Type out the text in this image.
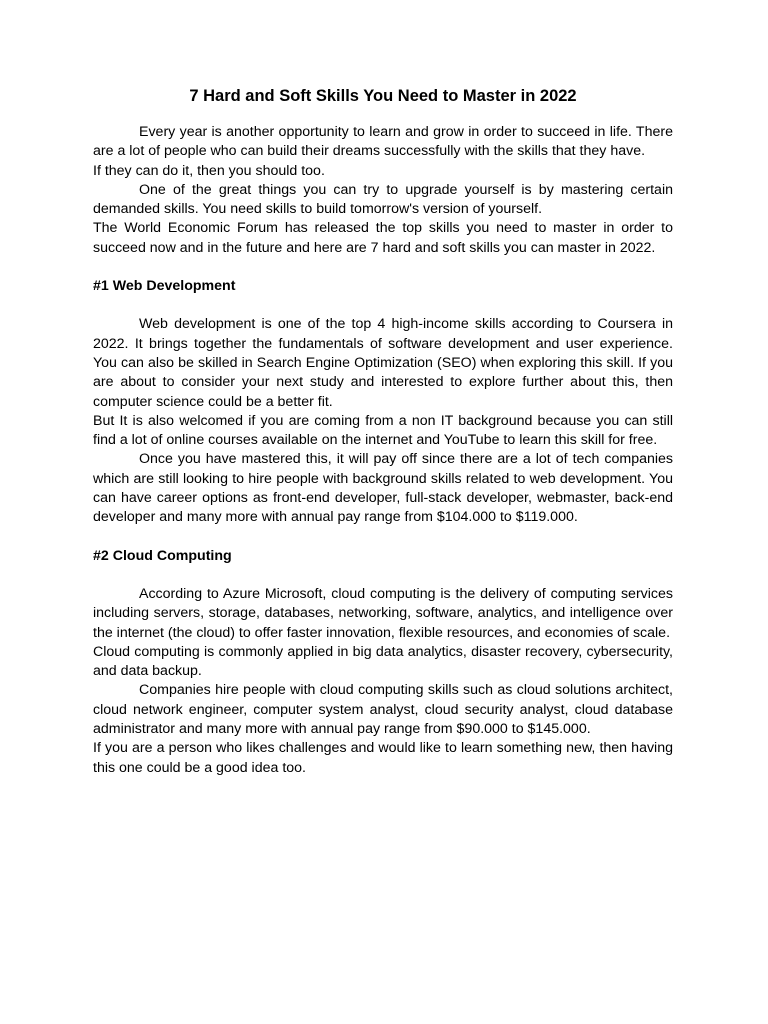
7 Hard and Soft Skills You Need to Master in 2022

Every year is another opportunity to learn and grow in order to succeed in life. There are a lot of people who can build their dreams successfully with the skills that they have.

If they can do it, then you should too.

One of the great things you can try to upgrade yourself is by mastering certain demanded skills. You need skills to build tomorrow's version of yourself.

The World Economic Forum has released the top skills you need to master in order to succeed now and in the future and here are 7 hard and soft skills you can master in 2022.

#1 Web Development

Web development is one of the top 4 high-income skills according to Coursera in 2022. It brings together the fundamentals of software development and user experience. You can also be skilled in Search Engine Optimization (SEO) when exploring this skill. If you are about to consider your next study and interested to explore further about this, then computer science could be a better fit.

But It is also welcomed if you are coming from a non IT background because you can still find a lot of online courses available on the internet and YouTube to learn this skill for free.

Once you have mastered this, it will pay off since there are a lot of tech companies which are still looking to hire people with background skills related to web development. You can have career options as front-end developer, full-stack developer, webmaster, back-end developer and many more with annual pay range from $104.000 to $119.000.

#2 Cloud Computing

According to Azure Microsoft, cloud computing is the delivery of computing services including servers, storage, databases, networking, software, analytics, and intelligence over the internet (the cloud) to offer faster innovation, flexible resources, and economies of scale.

Cloud computing is commonly applied in big data analytics, disaster recovery, cybersecurity, and data backup.

Companies hire people with cloud computing skills such as cloud solutions architect, cloud network engineer, computer system analyst, cloud security analyst, cloud database administrator and many more with annual pay range from $90.000 to $145.000.

If you are a person who likes challenges and would like to learn something new, then having this one could be a good idea too.
